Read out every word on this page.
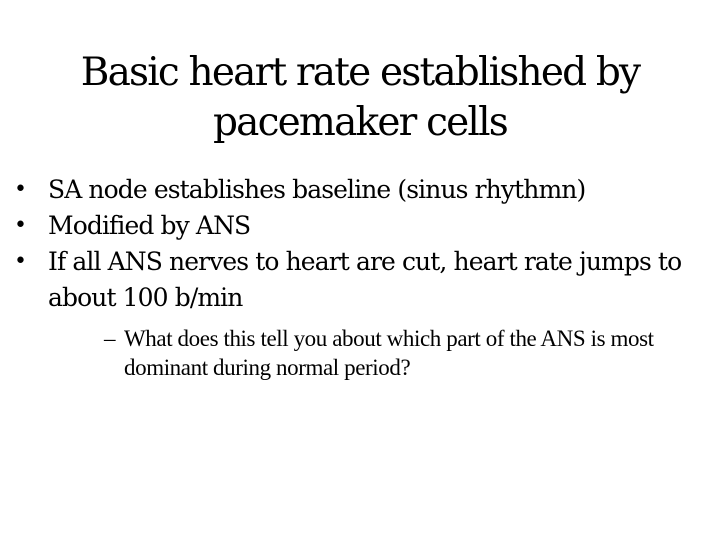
Basic heart rate established by
pacemaker cells
• SA node establishes baseline (sinus rhythmn)
• Modified by ANS
• If all ANS nerves to heart are cut, heart rate jumps to about 100 b/min
– What does this tell you about which part of the ANS is most dominant during normal period?
